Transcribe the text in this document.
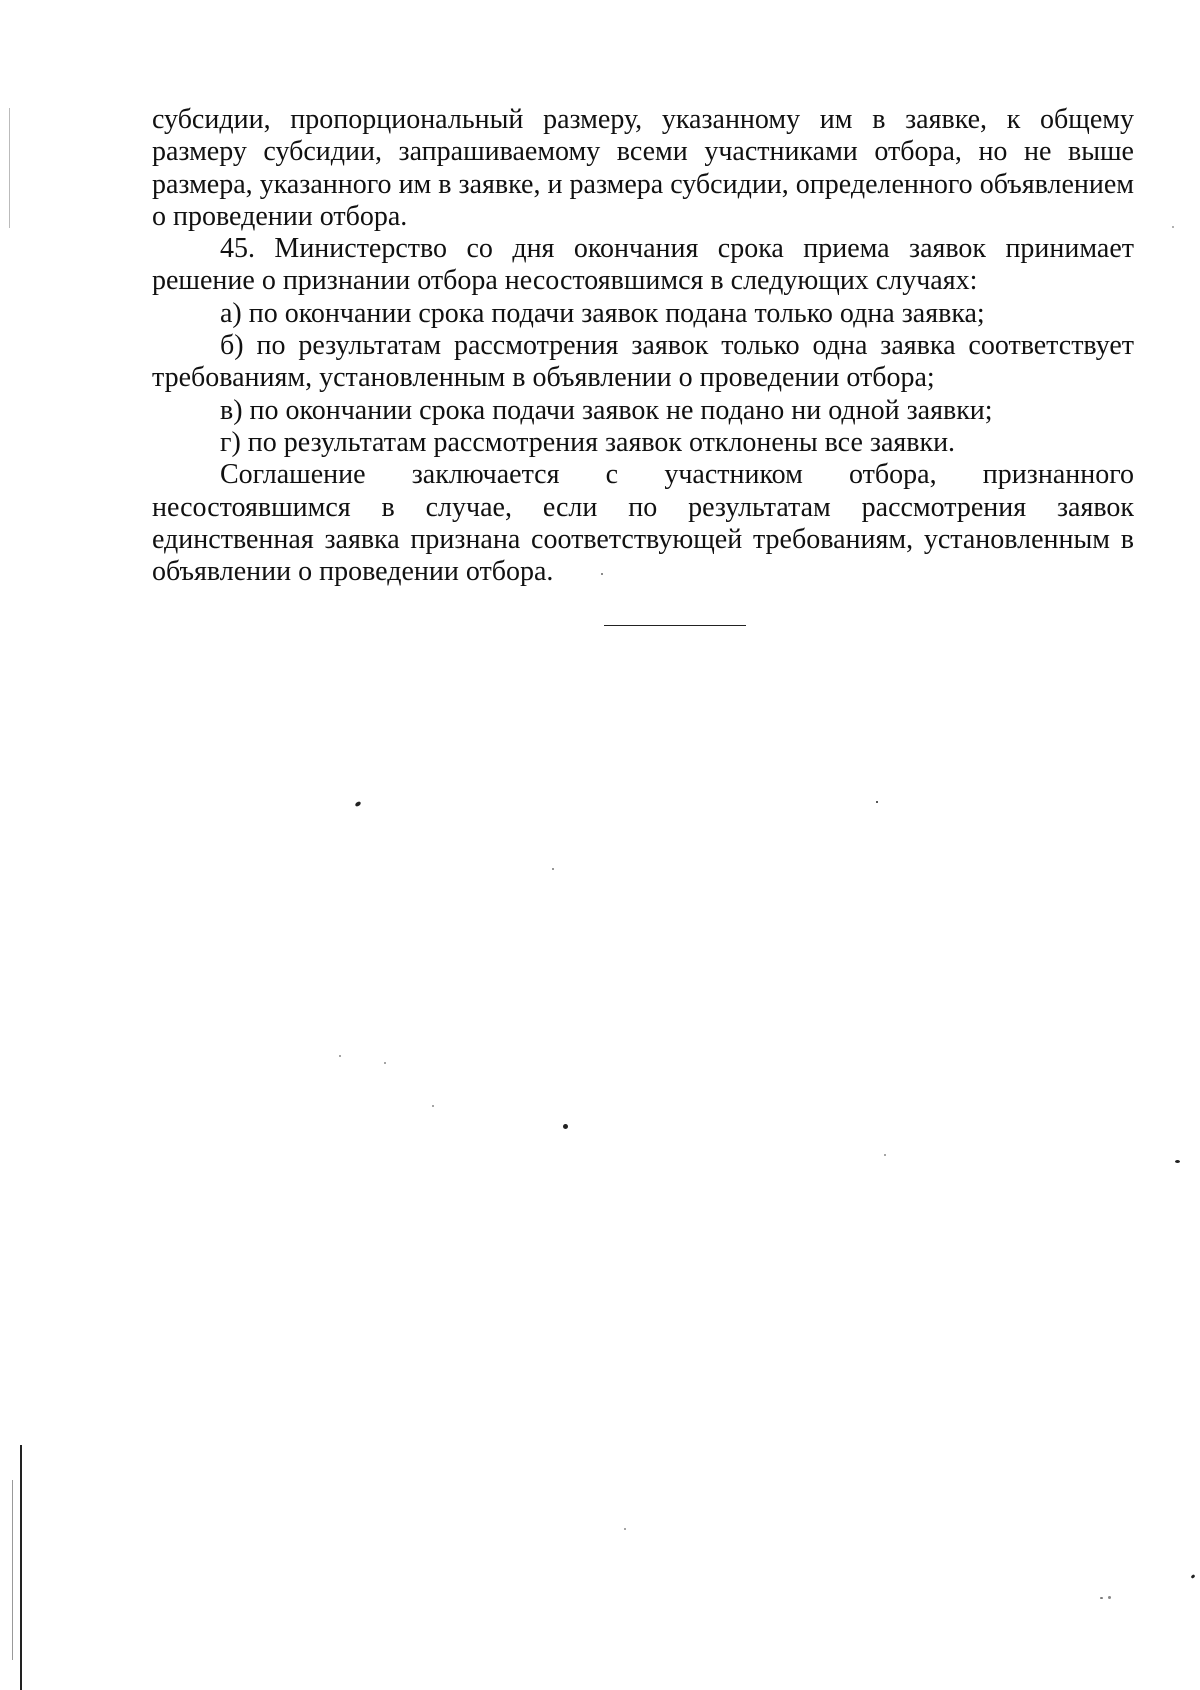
субсидии, пропорциональный размеру, указанному им в заявке, к общему размеру субсидии, запрашиваемому всеми участниками отбора, но не выше размера, указанного им в заявке, и размера субсидии, определенного объявлением о проведении отбора.

45. Министерство со дня окончания срока приема заявок принимает решение о признании отбора несостоявшимся в следующих случаях:

а) по окончании срока подачи заявок подана только одна заявка;

б) по результатам рассмотрения заявок только одна заявка соответствует требованиям, установленным в объявлении о проведении отбора;

в) по окончании срока подачи заявок не подано ни одной заявки;

г) по результатам рассмотрения заявок отклонены все заявки.

Соглашение заключается с участником отбора, признанного несостоявшимся в случае, если по результатам рассмотрения заявок единственная заявка признана соответствующей требованиям, установленным в объявлении о проведении отбора.
